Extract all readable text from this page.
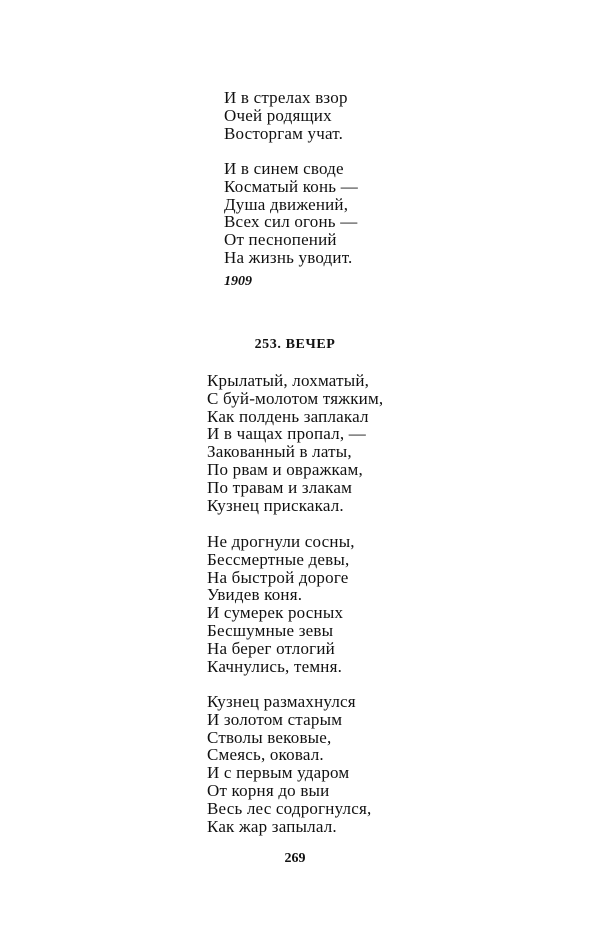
И в стрелах взор
Очей родящих
Восторгам учат.
И в синем своде
Косматый конь —
Душа движений,
Всех сил огонь —
От песнопений
На жизнь уводит.
1909
253. ВЕЧЕР
Крылатый, лохматый,
С буй-молотом тяжким,
Как полдень заплакал
И в чащах пропал, —
Закованный в латы,
По рвам и овражкам,
По травам и злакам
Кузнец прискакал.
Не дрогнули сосны,
Бессмертные девы,
На быстрой дороге
Увидев коня.
И сумерек росных
Бесшумные зевы
На берег отлогий
Качнулись, темня.
Кузнец размахнулся
И золотом старым
Стволы вековые,
Смеясь, оковал.
И с первым ударом
От корня до выи
Весь лес содрогнулся,
Как жар запылал.
269
